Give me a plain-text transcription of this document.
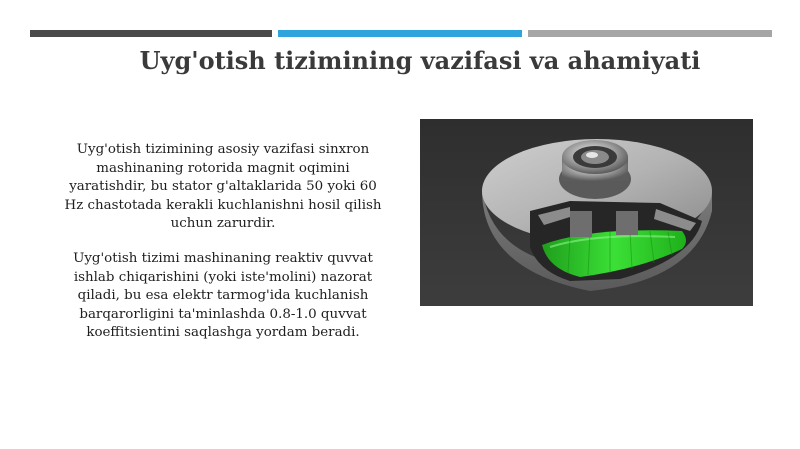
Uyg'otish tizimining vazifasi va ahamiyati
Uyg'otish tizimining asosiy vazifasi sinxron mashinaning rotorida magnit oqimini yaratishdir, bu stator g'altaklarida 50 yoki 60 Hz chastotada kerakli kuchlanishni hosil qilish uchun zarurdir.
Uyg'otish tizimi mashinaning reaktiv quvvat ishlab chiqarishini (yoki iste'molini) nazorat qiladi, bu esa elektr tarmog'ida kuchlanish barqarorligini ta'minlashda 0.8-1.0 quvvat koeffitsientini saqlashga yordam beradi.
